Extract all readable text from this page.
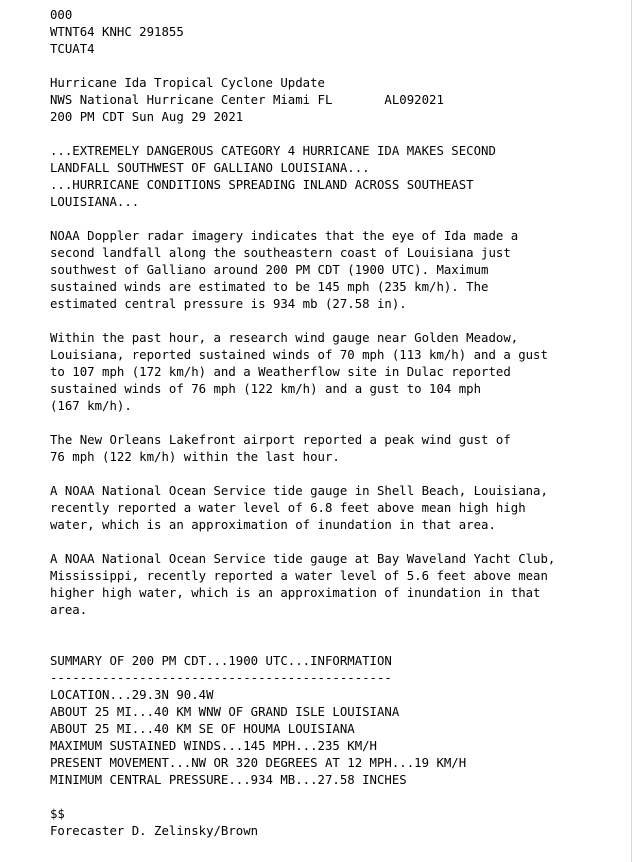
000
WTNT64 KNHC 291855
TCUAT4

Hurricane Ida Tropical Cyclone Update
NWS National Hurricane Center Miami FL       AL092021
200 PM CDT Sun Aug 29 2021

...EXTREMELY DANGEROUS CATEGORY 4 HURRICANE IDA MAKES SECOND
LANDFALL SOUTHWEST OF GALLIANO LOUISIANA...
...HURRICANE CONDITIONS SPREADING INLAND ACROSS SOUTHEAST
LOUISIANA...

NOAA Doppler radar imagery indicates that the eye of Ida made a
second landfall along the southeastern coast of Louisiana just
southwest of Galliano around 200 PM CDT (1900 UTC). Maximum
sustained winds are estimated to be 145 mph (235 km/h). The
estimated central pressure is 934 mb (27.58 in).

Within the past hour, a research wind gauge near Golden Meadow,
Louisiana, reported sustained winds of 70 mph (113 km/h) and a gust
to 107 mph (172 km/h) and a Weatherflow site in Dulac reported
sustained winds of 76 mph (122 km/h) and a gust to 104 mph
(167 km/h).

The New Orleans Lakefront airport reported a peak wind gust of
76 mph (122 km/h) within the last hour.

A NOAA National Ocean Service tide gauge in Shell Beach, Louisiana,
recently reported a water level of 6.8 feet above mean high high
water, which is an approximation of inundation in that area.

A NOAA National Ocean Service tide gauge at Bay Waveland Yacht Club,
Mississippi, recently reported a water level of 5.6 feet above mean
higher high water, which is an approximation of inundation in that
area.

SUMMARY OF 200 PM CDT...1900 UTC...INFORMATION
----------------------------------------------
LOCATION...29.3N 90.4W
ABOUT 25 MI...40 KM WNW OF GRAND ISLE LOUISIANA
ABOUT 25 MI...40 KM SE OF HOUMA LOUISIANA
MAXIMUM SUSTAINED WINDS...145 MPH...235 KM/H
PRESENT MOVEMENT...NW OR 320 DEGREES AT 12 MPH...19 KM/H
MINIMUM CENTRAL PRESSURE...934 MB...27.58 INCHES

$$
Forecaster D. Zelinsky/Brown
